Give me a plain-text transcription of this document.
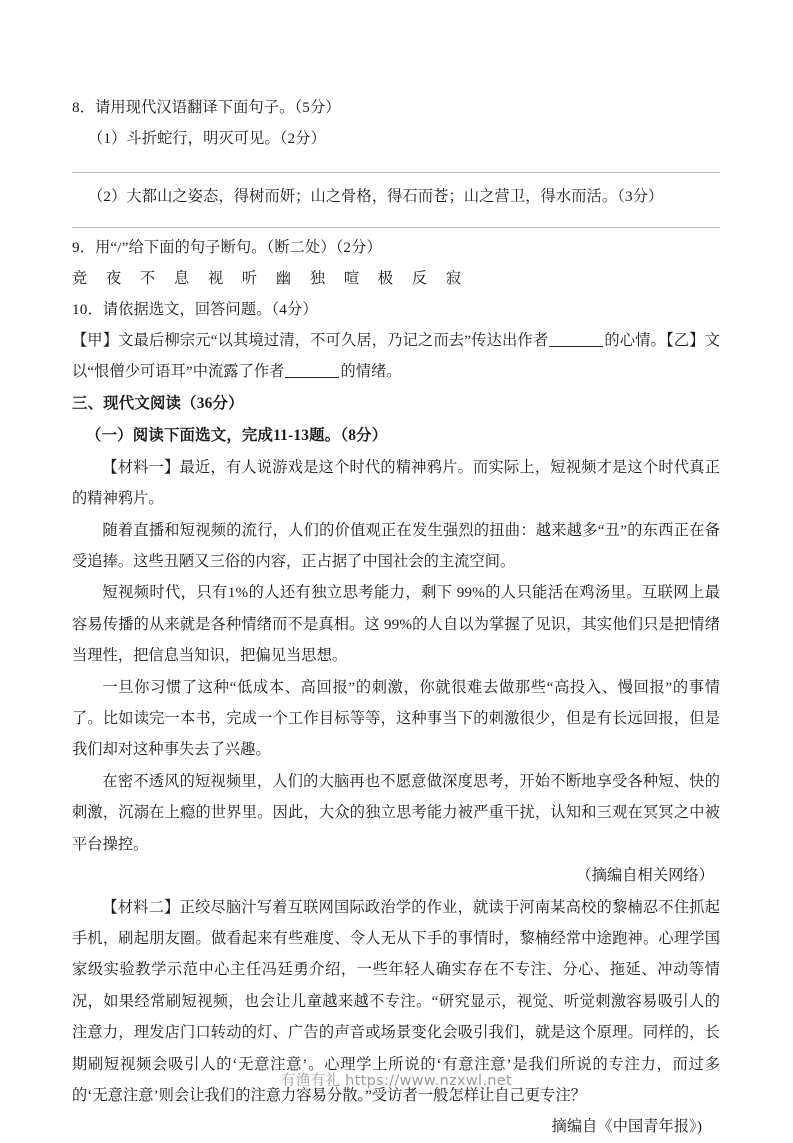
8．请用现代汉语翻译下面句子。（5分）
（1）斗折蛇行，明灭可见。（2分）
（2）大都山之姿态，得树而妍；山之骨格，得石而苍；山之营卫，得水而活。（3分）
9．用“/”给下面的句子断句。（断二处）（2分）
竞 夜 不 息 视 听 幽 独 喧 极 反 寂
10．请依据选文，回答问题。（4分）
【甲】文最后柳宗元“以其境过清，不可久居，乃记之而去”传达出作者	的心情。【乙】文以“恨僧少可语耳”中流露了作者	的情绪。
三、现代文阅读（36分）
（一）阅读下面选文，完成11-13题。（8分）

【材料一】最近，有人说游戏是这个时代的精神鸦片。而实际上，短视频才是这个时代真正的精神鸦片。

随着直播和短视频的流行，人们的价值观正在发生强烈的扭曲：越来越多“丑”的东西正在备受追捧。这些丑陋又三俗的内容，正占据了中国社会的主流空间。

短视频时代，只有1%的人还有独立思考能力，剩下 99%的人只能活在鸡汤里。互联网上最容易传播的从来就是各种情绪而不是真相。这 99%的人自以为掌握了见识，其实他们只是把情绪当理性，把信息当知识，把偏见当思想。

一旦你习惯了这种“低成本、高回报”的刺激，你就很难去做那些“高投入、慢回报”的事情了。比如读完一本书，完成一个工作目标等等，这种事当下的刺激很少，但是有长远回报，但是我们却对这种事失去了兴趣。

在密不透风的短视频里，人们的大脑再也不愿意做深度思考，开始不断地享受各种短、快的刺激，沉溺在上瘾的世界里。因此，大众的独立思考能力被严重干扰，认知和三观在冥冥之中被平台操控。

（摘编自相关网络）

【材料二】正绞尽脑汁写着互联网国际政治学的作业，就读于河南某高校的黎楠忍不住抓起手机，刷起朋友圈。做看起来有些难度、令人无从下手的事情时，黎楠经常中途跑神。心理学国家级实验教学示范中心主任冯廷勇介绍，一些年轻人确实存在不专注、分心、拖延、冲动等情况，如果经常刷短视频，也会让儿童越来越不专注。“研究显示，视觉、听觉刺激容易吸引人的注意力，理发店门口转动的灯、广告的声音或场景变化会吸引我们，就是这个原理。同样的，长期刷短视频会吸引人的‘无意注意’。心理学上所说的‘有意注意’是我们所说的专注力，而过多的‘无意注意’则会让我们的注意力容易分散。”受访者一般怎样让自己更专注？

摘编自《中国青年报》)
有渔有礼 https://www.nzxwl.net
